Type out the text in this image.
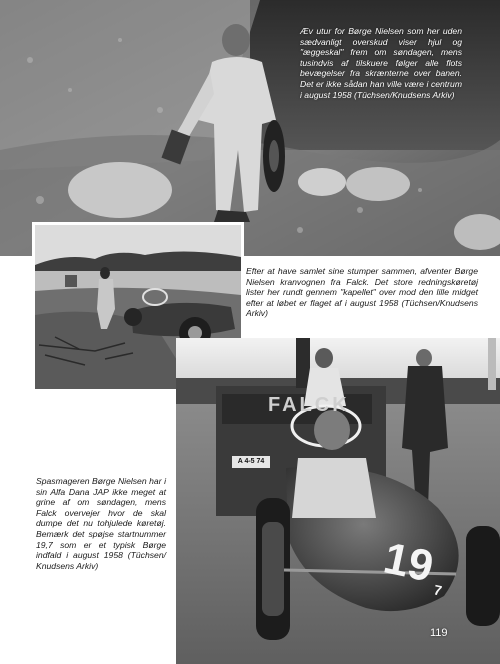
Æv utur for Børge Nielsen som her uden sædvanligt overskud viser hjul og "æggeskal" frem om søndagen, mens tusindvis af tilskuere følger alle flots bevægelser fra skrænterne over banen. Det er ikke sådan han ville være i centrum i august 1958 (Tüchsen/Knudsens Arkiv)

Efter at have samlet sine stumper sammen, afventer Børge Nielsen kranvognen fra Falck. Det store redningskøretøj lister her rundt gennem "kapellet" over mod den lille midget efter at løbet er flaget af i august 1958 (Tüchsen/Knudsens Arkiv)

FALCK
A 4-5 74
19
7

Spasmageren Børge Nielsen har i sin Alfa Dana JAP ikke meget at grine af om søndagen, mens Falck overvejer hvor de skal dumpe det nu tohjulede køretøj. Bemærk det spøjse startnummer 19,7 som er et typisk Børge indfald i august 1958 (Tüchsen/ Knudsens Arkiv)

119
